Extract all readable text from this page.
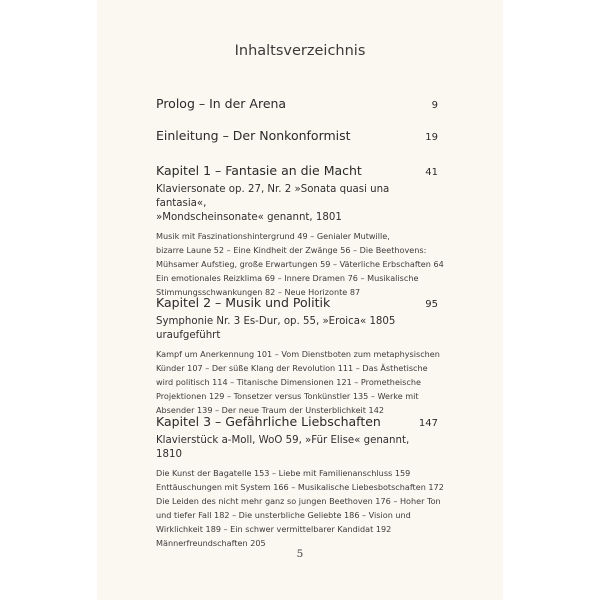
Inhaltsverzeichnis
Prolog – In der Arena	9
Einleitung – Der Nonkonformist	19
Kapitel 1 – Fantasie an die Macht	41
Klaviersonate op. 27, Nr. 2 »Sonata quasi una fantasia«,
»Mondscheinsonate« genannt, 1801
Musik mit Faszinationshintergrund 49 – Genialer Mutwille,
bizarre Laune 52 – Eine Kindheit der Zwänge 56 – Die Beethovens:
Mühsamer Aufstieg, große Erwartungen 59 – Väterliche Erbschaften 64
Ein emotionales Reizklima 69 – Innere Dramen 76 – Musikalische
Stimmungsschwankungen 82 – Neue Horizonte 87
Kapitel 2 – Musik und Politik	95
Symphonie Nr. 3 Es-Dur, op. 55, »Eroica« 1805 uraufgeführt
Kampf um Anerkennung 101 – Vom Dienstboten zum metaphysischen
Künder 107 – Der süße Klang der Revolution 111 – Das Ästhetische
wird politisch 114 – Titanische Dimensionen 121 – Prometheische
Projektionen 129 – Tonsetzer versus Tonkünstler 135 – Werke mit
Absender 139 – Der neue Traum der Unsterblichkeit 142
Kapitel 3 – Gefährliche Liebschaften	147
Klavierstück a-Moll, WoO 59, »Für Elise« genannt, 1810
Die Kunst der Bagatelle 153 – Liebe mit Familienanschluss 159
Enttäuschungen mit System 166 – Musikalische Liebesbotschaften 172
Die Leiden des nicht mehr ganz so jungen Beethoven 176 – Hoher Ton
und tiefer Fall 182 – Die unsterbliche Geliebte 186 – Vision und
Wirklichkeit 189 – Ein schwer vermittelbarer Kandidat 192
Männerfreundschaften 205
5
